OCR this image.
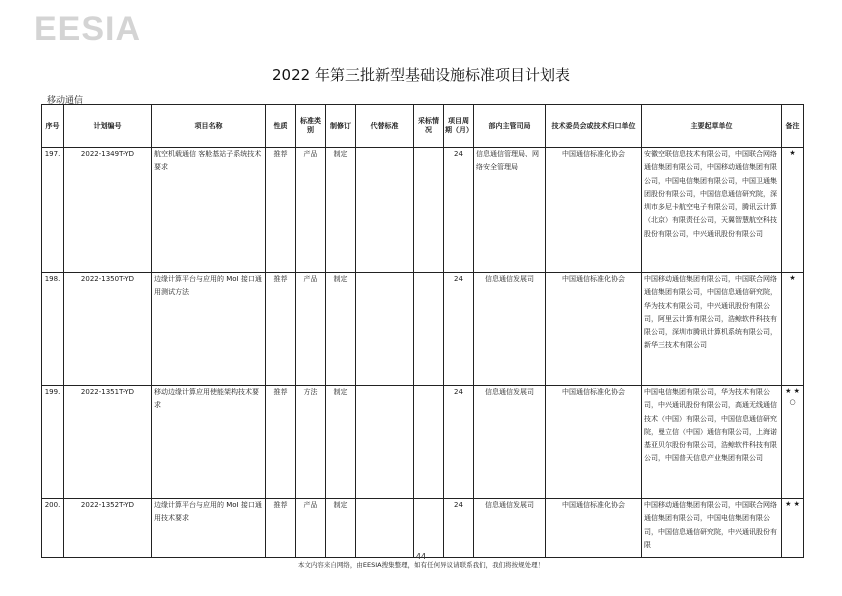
EESIA
2022 年第三批新型基础设施标准项目计划表
移动通信
序号	计划编号	项目名称	性质	标准类别	制修订	代替标准	采标情况	项目周期（月）	部内主管司局	技术委员会或技术归口单位	主要起草单位	备注
197.	2022-1349T-YD	航空机载通信 客舱基站子系统技术要求	推荐	产品	制定			24	信息通信管理局、网络安全管理局	中国通信标准化协会	安徽空联信息技术有限公司，中国联合网络通信集团有限公司，中国移动通信集团有限公司，中国电信集团有限公司，中国卫通集团股份有限公司，中国信息通信研究院，深圳市多尼卡航空电子有限公司，腾讯云计算（北京）有限责任公司，天翼智慧航空科技股份有限公司，中兴通讯股份有限公司	★
198.	2022-1350T-YD	边缘计算平台与应用的 MoI 接口通用测试方法	推荐	产品	制定			24	信息通信发展司	中国通信标准化协会	中国移动通信集团有限公司，中国联合网络通信集团有限公司，中国信息通信研究院，华为技术有限公司，中兴通讯股份有限公司，阿里云计算有限公司，浩鲸软件科技有限公司，深圳市腾讯计算机系统有限公司，新华三技术有限公司	★
199.	2022-1351T-YD	移动边缘计算应用使能架构技术要求	推荐	方法	制定			24	信息通信发展司	中国通信标准化协会	中国电信集团有限公司，华为技术有限公司，中兴通讯股份有限公司，高通无线通信技术（中国）有限公司，中国信息通信研究院，曼立信（中国）通信有限公司，上海诺基亚贝尔股份有限公司，浩鲸软件科技有限公司，中国普天信息产业集团有限公司	★ ★ ○
200.	2022-1352T-YD	边缘计算平台与应用的 MoI 接口通用技术要求	推荐	产品	制定			24	信息通信发展司	中国通信标准化协会	中国移动通信集团有限公司，中国联合网络通信集团有限公司，中国电信集团有限公司，中国信息通信研究院，中兴通讯股份有限	★ ★
44
本文内容来自网络，由EESIA搜集整理，如有任何异议请联系我们，我们将按规处理！
